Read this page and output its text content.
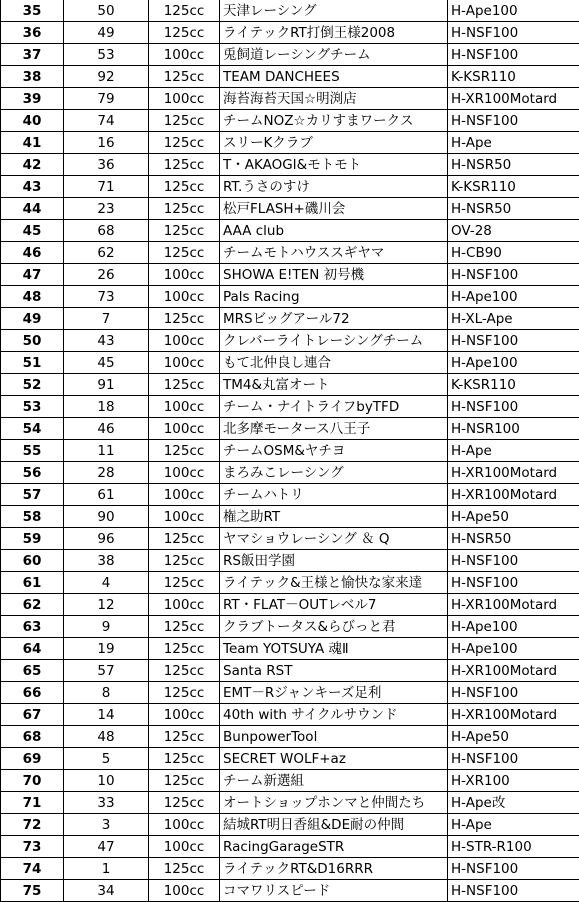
35	50	125cc	天津レーシング	H-Ape100
36	49	125cc	ライテックRT打倒王様2008	H-NSF100
37	53	100cc	兎飼道レーシングチーム	H-NSF100
38	92	125cc	TEAM DANCHEES	K-KSR110
39	79	100cc	海苔海苔天国☆明渕店	H-XR100Motard
40	74	125cc	チームNOZ☆カリすまワークス	H-NSF100
41	16	125cc	スリーKクラブ	H-Ape
42	36	125cc	T・AKAOGI&モトモト	H-NSR50
43	71	125cc	RT.うさのすけ	K-KSR110
44	23	125cc	松戸FLASH+磯川会	H-NSR50
45	68	125cc	AAA club	OV-28
46	62	125cc	チームモトハウススギヤマ	H-CB90
47	26	100cc	SHOWA E!TEN 初号機	H-NSF100
48	73	100cc	Pals Racing	H-Ape100
49	7	125cc	MRSビッグアール72	H-XL-Ape
50	43	100cc	クレバーライトレーシングチーム	H-NSF100
51	45	100cc	もて北仲良し連合	H-Ape100
52	91	125cc	TM4&丸富オート	K-KSR110
53	18	100cc	チーム・ナイトライフbyTFD	H-NSF100
54	46	100cc	北多摩モータース八王子	H-NSR100
55	11	125cc	チームOSM&ヤチヨ	H-Ape
56	28	100cc	まろみこレーシング	H-XR100Motard
57	61	100cc	チームハトリ	H-XR100Motard
58	90	100cc	権之助RT	H-Ape50
59	96	125cc	ヤマショウレーシング ＆ Q	H-NSR50
60	38	125cc	RS飯田学園	H-NSF100
61	4	125cc	ライテック&王様と愉快な家来達	H-NSF100
62	12	100cc	RT・FLAT－OUTレベル7	H-XR100Motard
63	9	125cc	クラブトータス&らびっと君	H-Ape100
64	19	125cc	Team YOTSUYA 魂Ⅱ	H-Ape100
65	57	125cc	Santa RST	H-XR100Motard
66	8	125cc	EMT－Rジャンキーズ足利	H-NSF100
67	14	100cc	40th with サイクルサウンド	H-XR100Motard
68	48	125cc	BunpowerTool	H-Ape50
69	5	125cc	SECRET WOLF+az	H-NSF100
70	10	125cc	チーム新選組	H-XR100
71	33	125cc	オートショップホンマと仲間たち	H-Ape改
72	3	100cc	結城RT明日香組&DE耐の仲間	H-Ape
73	47	100cc	RacingGarageSTR	H-STR-R100
74	1	125cc	ライテックRT&D16RRR	H-NSF100
75	34	100cc	コマワリスピード	H-NSF100
